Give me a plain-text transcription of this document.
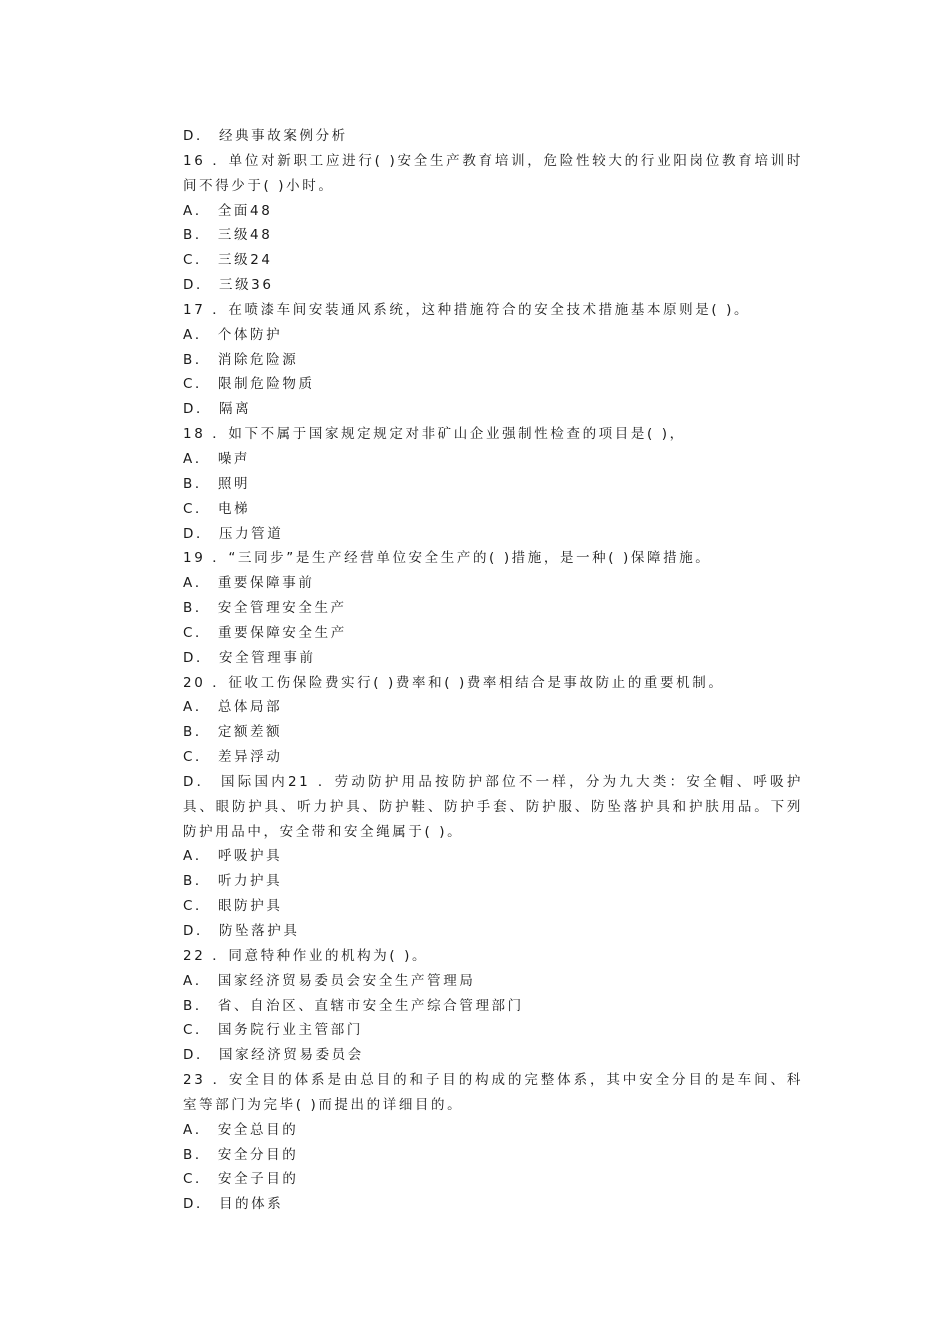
D． 经典事故案例分析
16 ．单位对新职工应进行( )安全生产教育培训，危险性较大的行业阳岗位教育培训时间不得少于( )小时。
A． 全面48
B． 三级48
C． 三级24
D． 三级36
17 ．在喷漆车间安装通风系统，这种措施符合的安全技术措施基本原则是( )。
A． 个体防护
B． 消除危险源
C． 限制危险物质
D． 隔离
18 ．如下不属于国家规定规定对非矿山企业强制性检查的项目是( )，
A． 噪声
B． 照明
C． 电梯
D． 压力管道
19 ．“三同步”是生产经营单位安全生产的( )措施，是一种( )保障措施。
A． 重要保障事前
B． 安全管理安全生产
C． 重要保障安全生产
D． 安全管理事前
20 ．征收工伤保险费实行( )费率和( )费率相结合是事故防止的重要机制。
A． 总体局部
B． 定额差额
C． 差异浮动
D． 国际国内21 ．劳动防护用品按防护部位不一样，分为九大类：安全帽、呼吸护具、眼防护具、听力护具、防护鞋、防护手套、防护服、防坠落护具和护肤用品。下列防护用品中，安全带和安全绳属于( )。
A． 呼吸护具
B． 听力护具
C． 眼防护具
D． 防坠落护具
22 ．同意特种作业的机构为( )。
A． 国家经济贸易委员会安全生产管理局
B． 省、自治区、直辖市安全生产综合管理部门
C． 国务院行业主管部门
D． 国家经济贸易委员会
23 ．安全目的体系是由总目的和子目的构成的完整体系，其中安全分目的是车间、科室等部门为完毕( )而提出的详细目的。
A． 安全总目的
B． 安全分目的
C． 安全子目的
D． 目的体系
